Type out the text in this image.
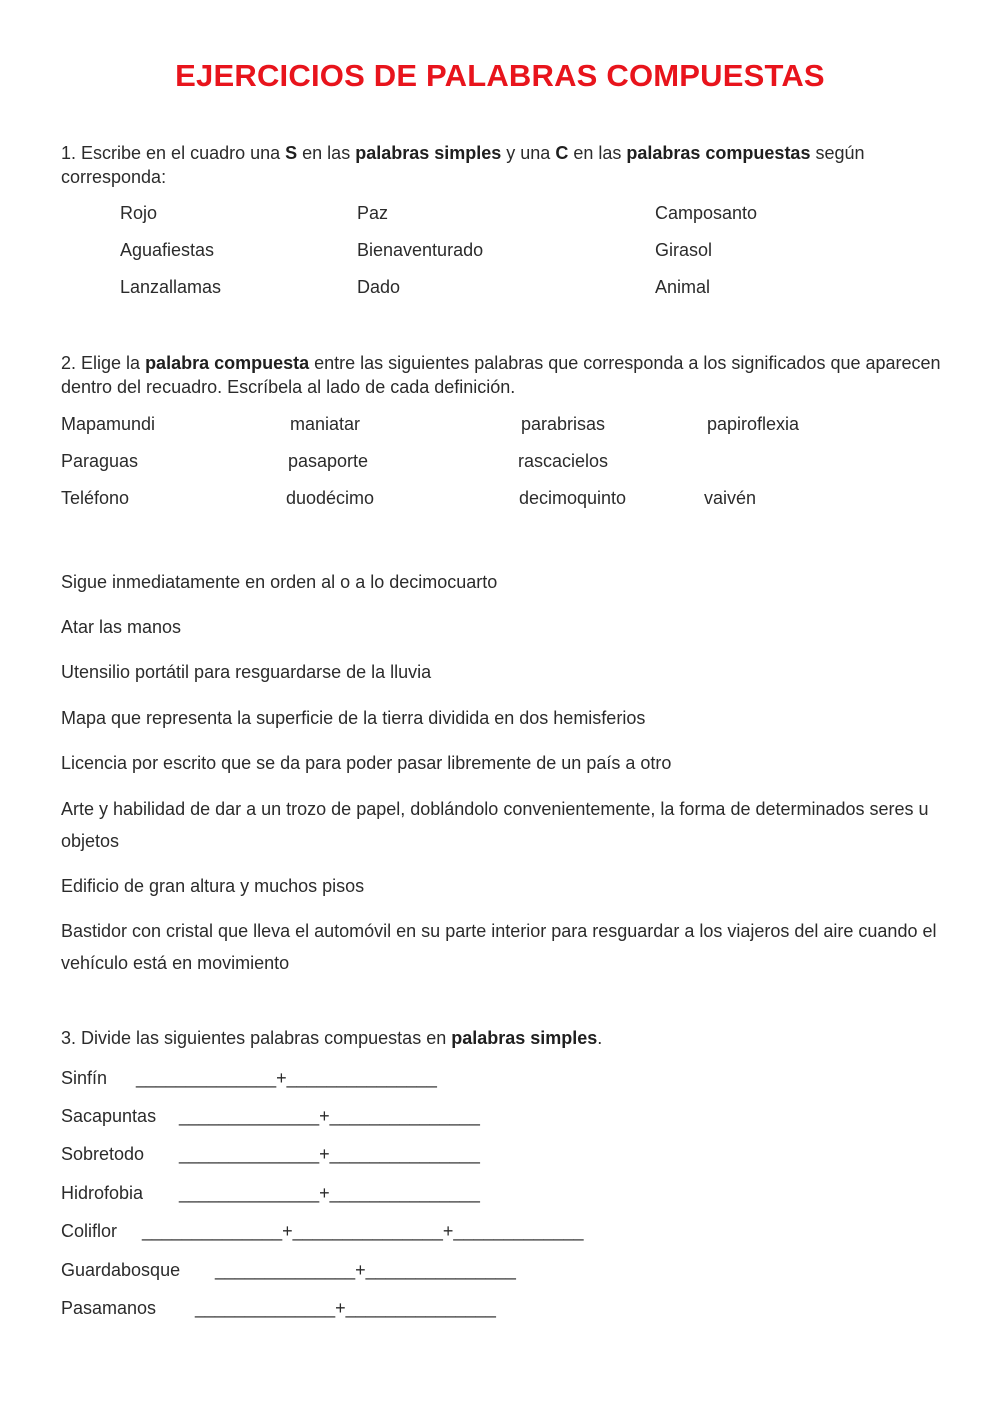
EJERCICIOS DE PALABRAS COMPUESTAS
1. Escribe en el cuadro una S en las palabras simples y una C en las palabras compuestas según corresponda:
Rojo	Paz	Camposanto
Aguafiestas	Bienaventurado	Girasol
Lanzallamas	Dado	Animal
2. Elige la palabra compuesta entre las siguientes palabras que corresponda a los significados que aparecen dentro del recuadro. Escríbela al lado de cada definición.
Mapamundi	maniatar	parabrisas	papiroflexia
Paraguas	pasaporte	rascacielos
Teléfono	duodécimo	decimoquinto	vaivén
Sigue inmediatamente en orden al o a lo decimocuarto
Atar las manos
Utensilio portátil para resguardarse de la lluvia
Mapa que representa la superficie de la tierra dividida en dos hemisferios
Licencia por escrito que se da para poder pasar libremente de un país a otro
Arte y habilidad de dar a un trozo de papel, doblándolo convenientemente, la forma de determinados seres u objetos
Edificio de gran altura y muchos pisos
Bastidor con cristal que lleva el automóvil en su parte interior para resguardar a los viajeros del aire cuando el vehículo está en movimiento
3. Divide las siguientes palabras compuestas en palabras simples.
Sinfín ______________+_______________
Sacapuntas ______________+_______________
Sobretodo ______________+_______________
Hidrofobia ______________+_______________
Coliflor ______________+_______________+_____________
Guardabosque ______________+_______________
Pasamanos ______________+_______________
